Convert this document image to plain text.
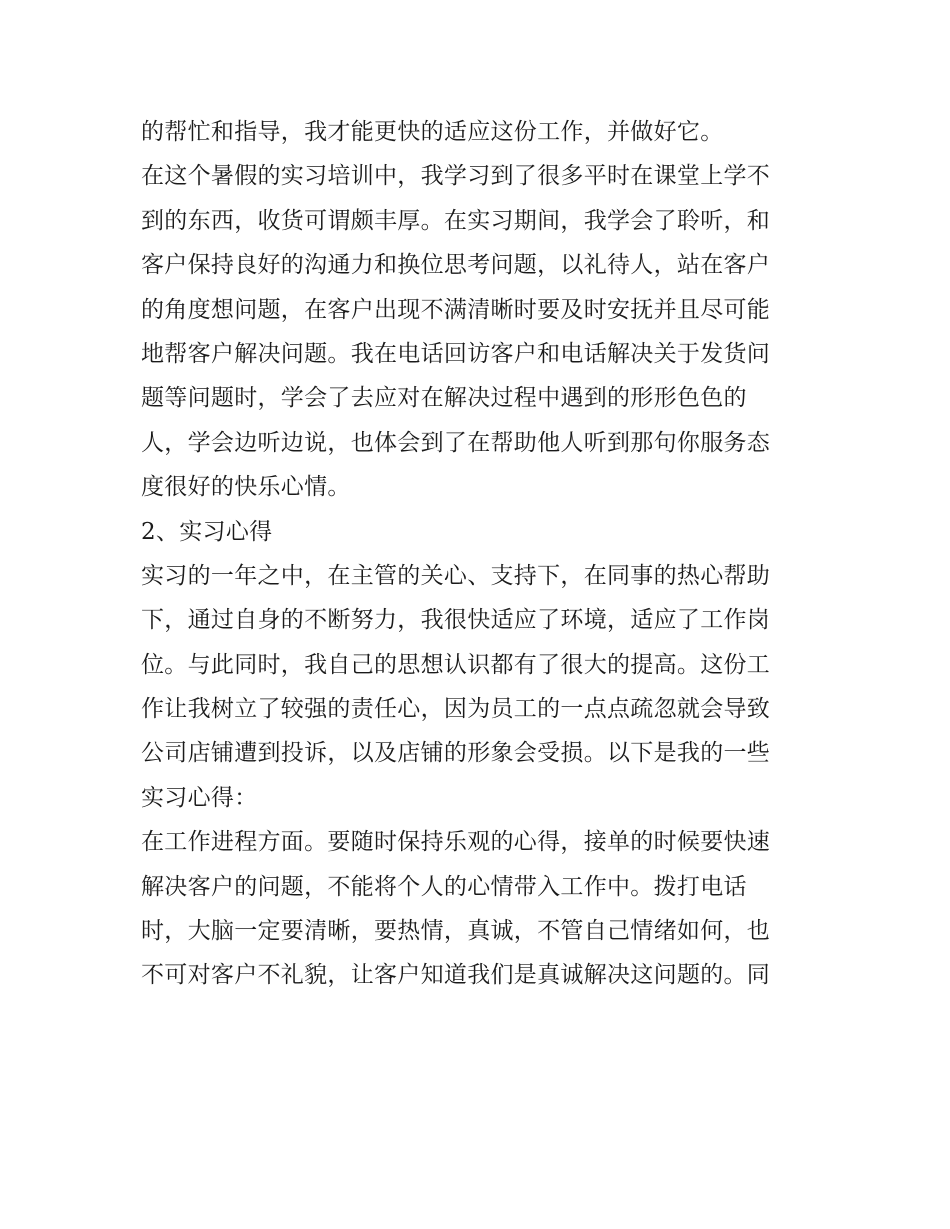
的帮忙和指导，我才能更快的适应这份工作，并做好它。
在这个暑假的实习培训中，我学习到了很多平时在课堂上学不
到的东西，收货可谓颇丰厚。在实习期间，我学会了聆听，和
客户保持良好的沟通力和换位思考问题，以礼待人，站在客户
的角度想问题，在客户出现不满清晰时要及时安抚并且尽可能
地帮客户解决问题。我在电话回访客户和电话解决关于发货问
题等问题时，学会了去应对在解决过程中遇到的形形色色的
人，学会边听边说，也体会到了在帮助他人听到那句你服务态
度很好的快乐心情。
2、实习心得
实习的一年之中，在主管的关心、支持下，在同事的热心帮助
下，通过自身的不断努力，我很快适应了环境，适应了工作岗
位。与此同时，我自己的思想认识都有了很大的提高。这份工
作让我树立了较强的责任心，因为员工的一点点疏忽就会导致
公司店铺遭到投诉，以及店铺的形象会受损。以下是我的一些
实习心得：
在工作进程方面。要随时保持乐观的心得，接单的时候要快速
解决客户的问题，不能将个人的心情带入工作中。拨打电话
时，大脑一定要清晰，要热情，真诚，不管自己情绪如何，也
不可对客户不礼貌，让客户知道我们是真诚解决这问题的。同
